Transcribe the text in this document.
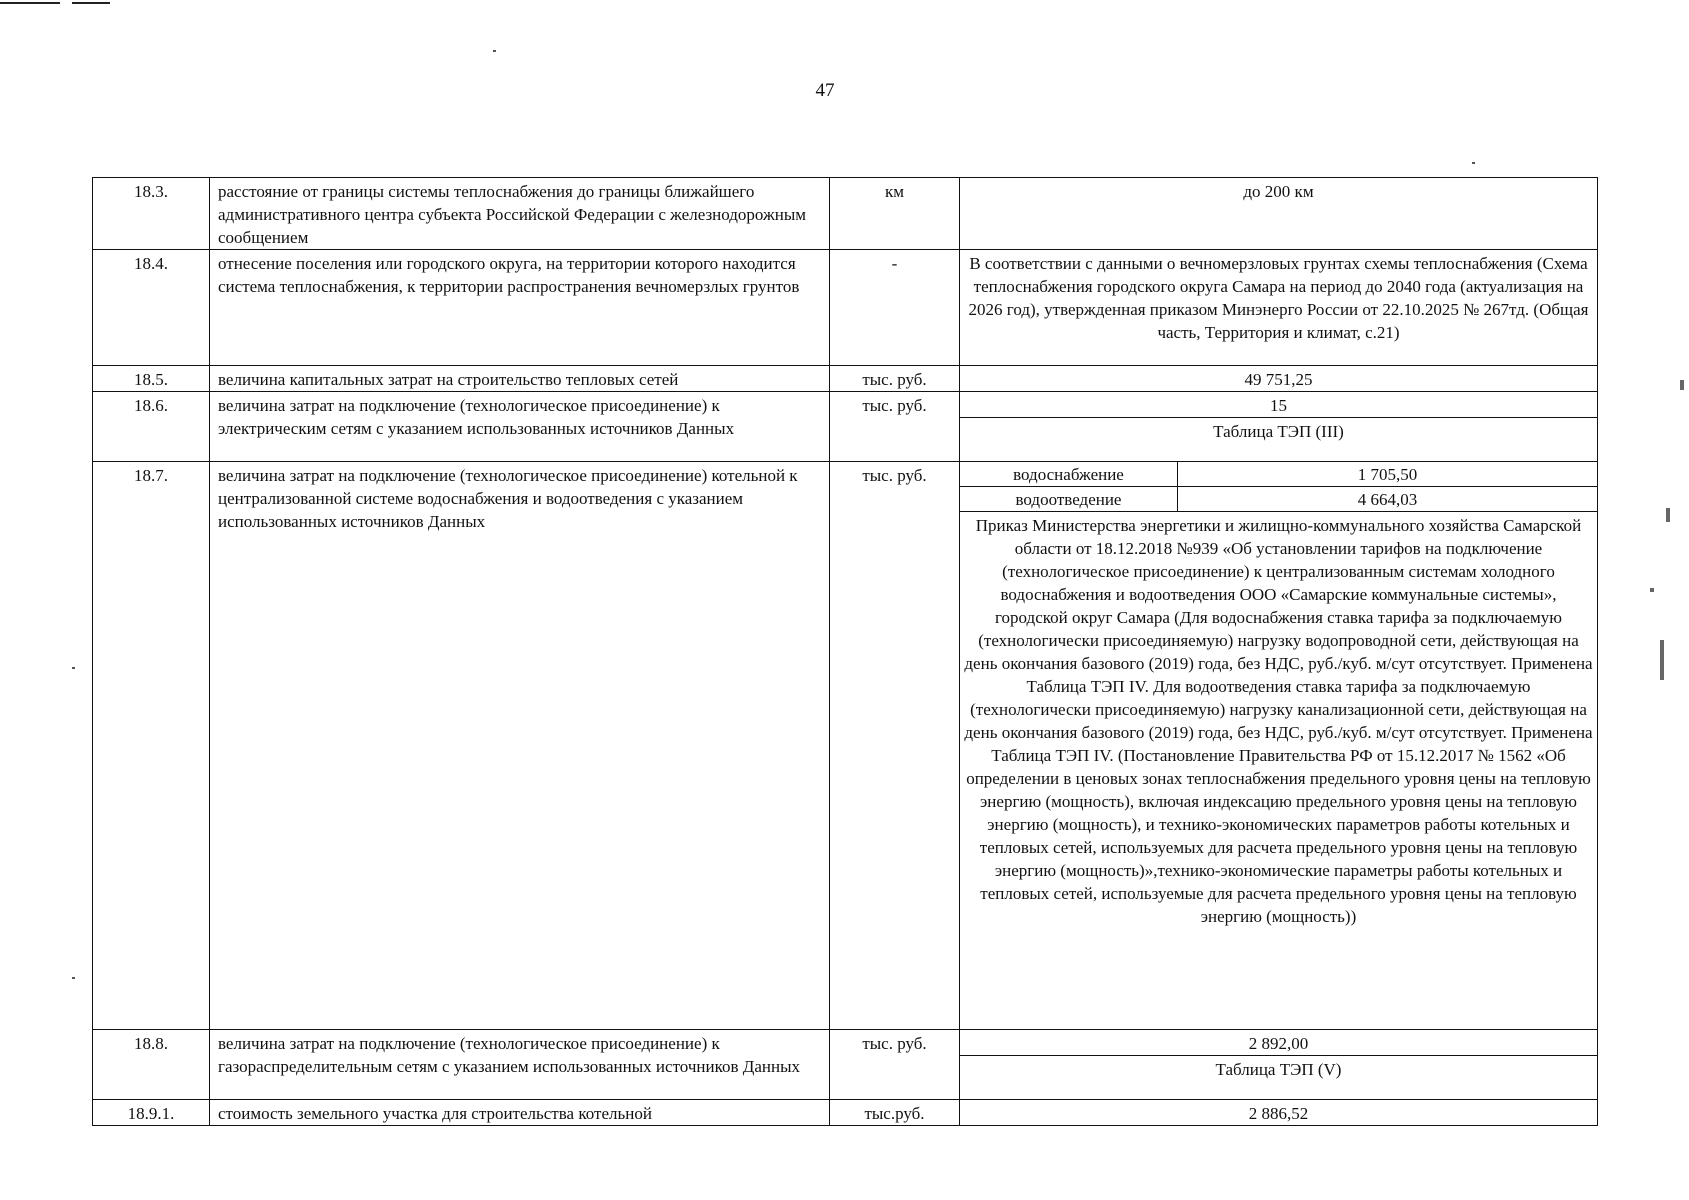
47
18.3.	расстояние от границы системы теплоснабжения до границы ближайшего административного центра субъекта Российской Федерации с железнодорожным сообщением	км	до 200 км

18.4.	отнесение поселения или городского округа, на территории которого находится система теплоснабжения, к территории распространения вечномерзлых грунтов	-	В соответствии с данными о вечномерзловых грунтах схемы теплоснабжения (Схема теплоснабжения городского округа Самара на период до 2040 года (актуализация на 2026 год), утвержденная приказом Минэнерго России от 22.10.2025 № 267тд. (Общая часть, Территория и климат, с.21)

18.5.	величина капитальных затрат на строительство тепловых сетей	тыс. руб.	49 751,25

18.6.	величина затрат на подключение (технологическое присоединение) к электрическим сетям с указанием использованных источников Данных	тыс. руб.	15
Таблица ТЭП (III)

18.7.	величина затрат на подключение (технологическое присоединение) котельной к централизованной системе водоснабжения и водоотведения с указанием использованных источников Данных	тыс. руб.		водоснабжение	1 705,50
водоотведение	4 664,03
Приказ Министерства энергетики и жилищно-коммунального хозяйства Самарской области от 18.12.2018 №939 «Об установлении тарифов на подключение (технологическое присоединение) к централизованным системам холодного водоснабжения и водоотведения ООО «Самарские коммунальные системы», городской округ Самара (Для водоснабжения ставка тарифа за подключаемую (технологически присоединяемую) нагрузку водопроводной сети, действующая на день окончания базового (2019) года, без НДС, руб./куб. м/сут отсутствует. Применена Таблица ТЭП IV. Для водоотведения ставка тарифа за подключаемую (технологически присоединяемую) нагрузку канализационной сети, действующая на день окончания базового (2019) года, без НДС, руб./куб. м/сут отсутствует. Применена Таблица ТЭП IV. (Постановление Правительства РФ от 15.12.2017 № 1562 «Об определении в ценовых зонах теплоснабжения предельного уровня цены на тепловую энергию (мощность), включая индексацию предельного уровня цены на тепловую энергию (мощность), и технико-экономических параметров работы котельных и тепловых сетей, используемых для расчета предельного уровня цены на тепловую энергию (мощность)»,технико-экономические параметры работы котельных и тепловых сетей, используемые для расчета предельного уровня цены на тепловую энергию (мощность))

18.8.	величина затрат на подключение (технологическое присоединение) к газораспределительным сетям с указанием использованных источников Данных	тыс. руб.	2 892,00
Таблица ТЭП (V)

18.9.1.	стоимость земельного участка для строительства котельной	тыс.руб.	2 886,52
